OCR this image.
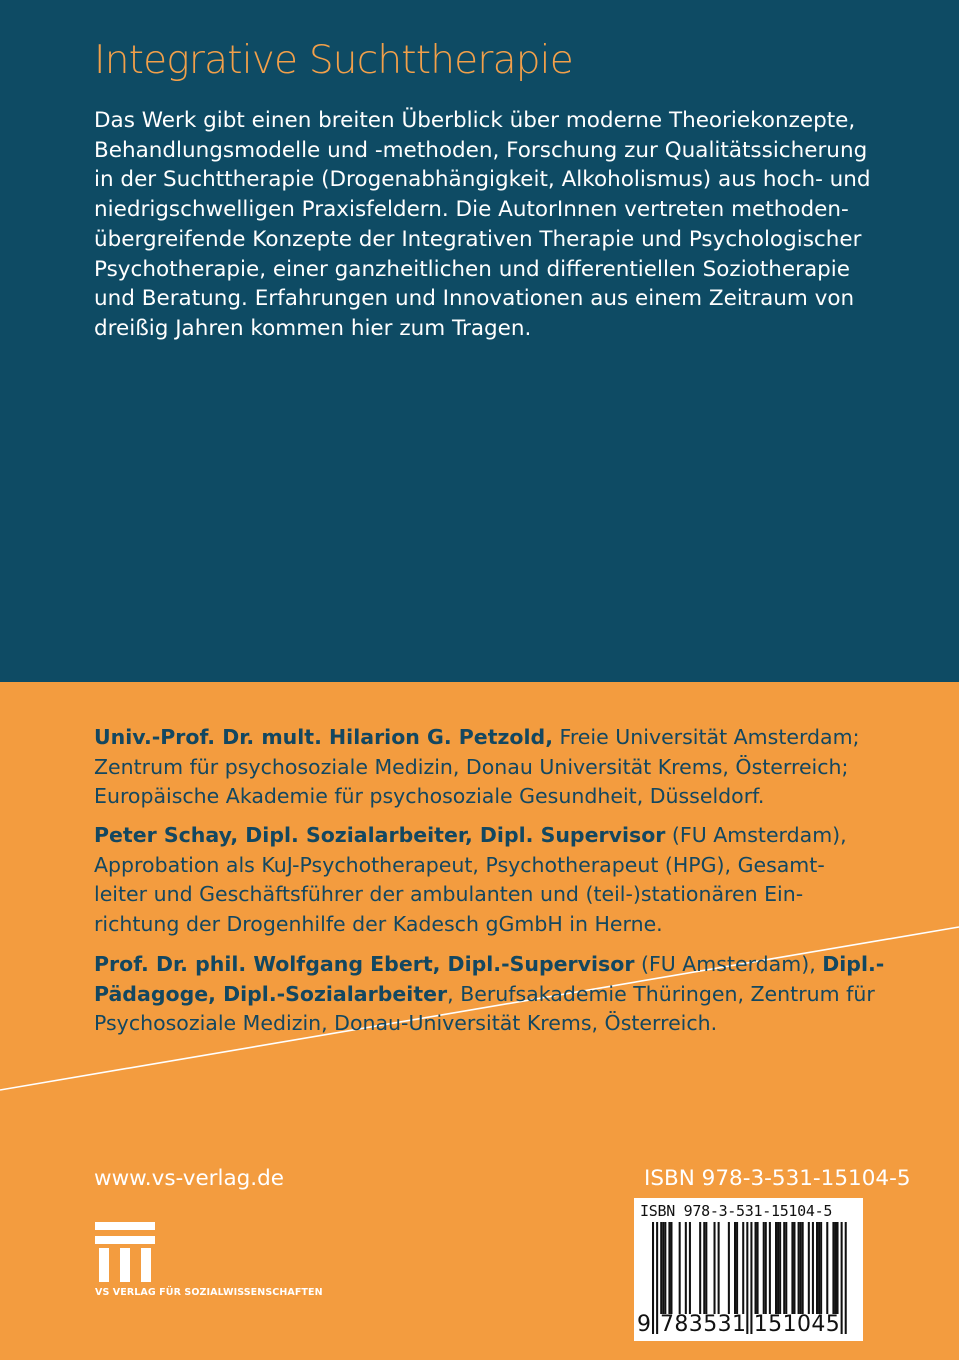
Integrative Suchttherapie
Das Werk gibt einen breiten Überblick über moderne Theoriekonzepte,
Behandlungsmodelle und -methoden, Forschung zur Qualitätssicherung
in der Suchttherapie (Drogenabhängigkeit, Alkoholismus) aus hoch- und
niedrigschwelligen Praxisfeldern. Die AutorInnen vertreten methoden-
übergreifende Konzepte der Integrativen Therapie und Psychologischer
Psychotherapie, einer ganzheitlichen und differentiellen Soziotherapie
und Beratung. Erfahrungen und Innovationen aus einem Zeitraum von
dreißig Jahren kommen hier zum Tragen.
Univ.-Prof. Dr. mult. Hilarion G. Petzold, Freie Universität Amsterdam;
Zentrum für psychosoziale Medizin, Donau Universität Krems, Österreich;
Europäische Akademie für psychosoziale Gesundheit, Düsseldorf.
Peter Schay, Dipl. Sozialarbeiter, Dipl. Supervisor (FU Amsterdam),
Approbation als KuJ-Psychotherapeut, Psychotherapeut (HPG), Gesamt-
leiter und Geschäftsführer der ambulanten und (teil-)stationären Ein-
richtung der Drogenhilfe der Kadesch gGmbH in Herne.
Prof. Dr. phil. Wolfgang Ebert, Dipl.-Supervisor (FU Amsterdam), Dipl.-
Pädagoge, Dipl.-Sozialarbeiter, Berufsakademie Thüringen, Zentrum für
Psychosoziale Medizin, Donau-Universität Krems, Österreich.
www.vs-verlag.de	ISBN 978-3-531-15104-5
VS VERLAG FÜR SOZIALWISSENSCHAFTEN
ISBN 978-3-531-15104-5
9 783531 151045
